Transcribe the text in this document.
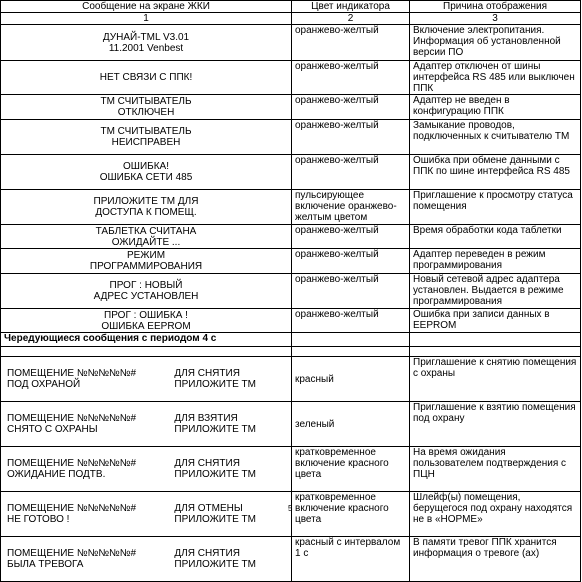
Сообщение на экране ЖКИ	Цвет индикатора	Причина отображения
1	2	3
ДУНАЙ-TML V3.01
11.2001 Venbest	оранжево-желтый	Включение электропитания. Информация об установленной версии ПО
НЕТ СВЯЗИ С ППК!	оранжево-желтый	Адаптер отключен от шины интерфейса RS 485 или выключен ППК
ТМ СЧИТЫВАТЕЛЬ
ОТКЛЮЧЕН	оранжево-желтый	Адаптер не введен в конфигурацию ППК
ТМ СЧИТЫВАТЕЛЬ
НЕИСПРАВЕН	оранжево-желтый	Замыкание проводов, подключенных к считывателю ТМ
ОШИБКА!
ОШИБКА СЕТИ 485	оранжево-желтый	Ошибка при обмене данными с ППК по шине интерфейса RS 485
ПРИЛОЖИТЕ ТМ ДЛЯ
ДОСТУПА К ПОМЕЩ.	пульсирующее включение оранжево-желтым цветом	Приглашение к просмотру статуса помещения
ТАБЛЕТКА СЧИТАНА
ОЖИДАЙТЕ ...	оранжево-желтый	Время обработки кода таблетки
РЕЖИМ
ПРОГРАММИРОВАНИЯ	оранжево-желтый	Адаптер переведен в режим программирования
ПРОГ : НОВЫЙ
АДРЕС УСТАНОВЛЕН	оранжево-желтый	Новый сетевой адрес адаптера установлен. Выдается в режиме программирования
ПРОГ : ОШИБКА !
ОШИБКА EEPROM	оранжево-желтый	Ошибка при записи данных в EEPROM
Чередующиеся сообщения с периодом 4 с		

ПОМЕЩЕНИЕ №№№№№#
ПОД ОХРАНОЙ
ДЛЯ СНЯТИЯ
ПРИЛОЖИТЕ ТМ	красный	Приглашение к снятию помещения с охраны

ПОМЕЩЕНИЕ №№№№№#
СНЯТО С ОХРАНЫ
ДЛЯ ВЗЯТИЯ
ПРИЛОЖИТЕ ТМ	зеленый	Приглашение к взятию помещения под охрану

ПОМЕЩЕНИЕ №№№№№#
ОЖИДАНИЕ ПОДТВ.
ДЛЯ СНЯТИЯ
ПРИЛОЖИТЕ ТМ	кратковременное включение красного цвета	На время ожидания пользователем подтверждения с ПЦН

ПОМЕЩЕНИЕ №№№№№#
НЕ ГОТОВО !
ДЛЯ ОТМЕНЫ
ПРИЛОЖИТЕ ТМ	кратковременное включение красного цвета	Шлейф(ы) помещения, берущегося под охрану находятся не в «НОРМЕ»

ПОМЕЩЕНИЕ №№№№№#
БЫЛА ТРЕВОГА
ДЛЯ СНЯТИЯ
ПРИЛОЖИТЕ ТМ	красный с интервалом 1 с	В памяти тревог ППК хранится информация о тревоге (ах)
5
